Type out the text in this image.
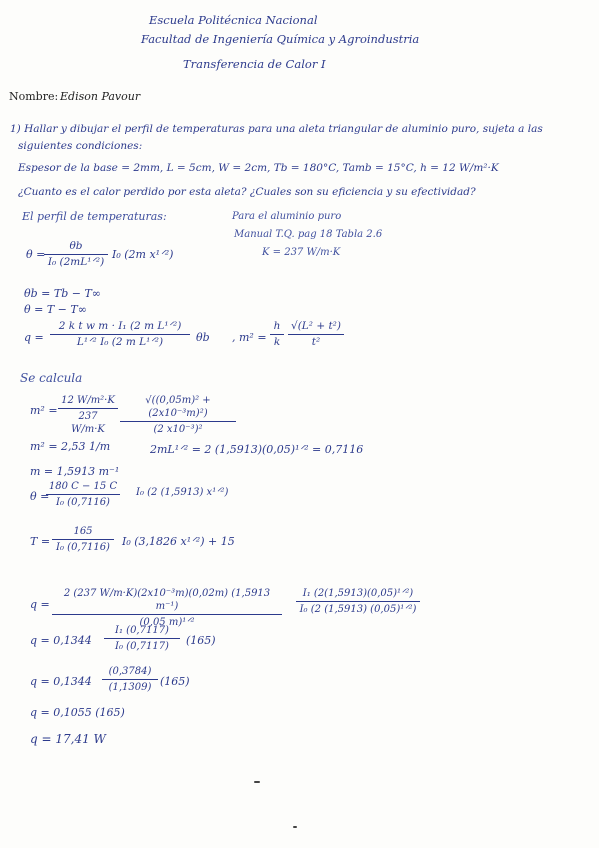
Escuela Politécnica Nacional
Facultad de Ingeniería Química y Agroindustria
Transferencia de Calor I
Nombre: Edison Pavour
1) Hallar y dibujar el perfil de temperaturas para una aleta triangular de aluminio puro, sujeta a las
siguientes condiciones:
Espesor de la base = 2mm, L = 5cm, W = 2cm, Tb = 180°C, Tamb = 15°C, h = 12 W/m²·K
¿Cuanto es el calor perdido por esta aleta? ¿Cuales son su eficiencia y su efectividad?
El perfil de temperaturas:	Para el aluminio puro
Manual T.Q. pag 18 Tabla 2.6
K = 237 W/m·K
θ =
θb
I₀ (2mL¹ᐟ²)
I₀ (2m x¹ᐟ²)
θb = Tb − T∞
θ = T − T∞
q =
2 k t w m · I₁ (2 m L¹ᐟ²)
L¹ᐟ² I₀ (2 m L¹ᐟ²)	θb , m² =
h
k
√(L² + t²)
t²
Se calcula
m² =
12 W/m²·K
237 W/m·K
√((0,05m)² + (2x10⁻³m)²)
(2 x10⁻³)²
m² = 2,53 1/m	2mL¹ᐟ² = 2 (1,5913)(0,05)¹ᐟ² = 0,7116
m = 1,5913 m⁻¹
θ =
180 C − 15 C
I₀ (0,7116)
I₀ (2 (1,5913) x¹ᐟ²)
T =
165
I₀ (0,7116)	I₀ (3,1826 x¹ᐟ²) + 15
q =
2 (237 W/m·K)(2x10⁻³m)(0,02m) (1,5913 m⁻¹)
(0,05 m)¹ᐟ²
I₁ (2(1,5913)(0,05)¹ᐟ²)
I₀ (2 (1,5913) (0,05)¹ᐟ²)
q = 0,1344
I₁ (0,7117)
I₀ (0,7117)	(165)
q = 0,1344
(0,3784)
(1,1309) (165)
q = 0,1055 (165)
q = 17,41 W
